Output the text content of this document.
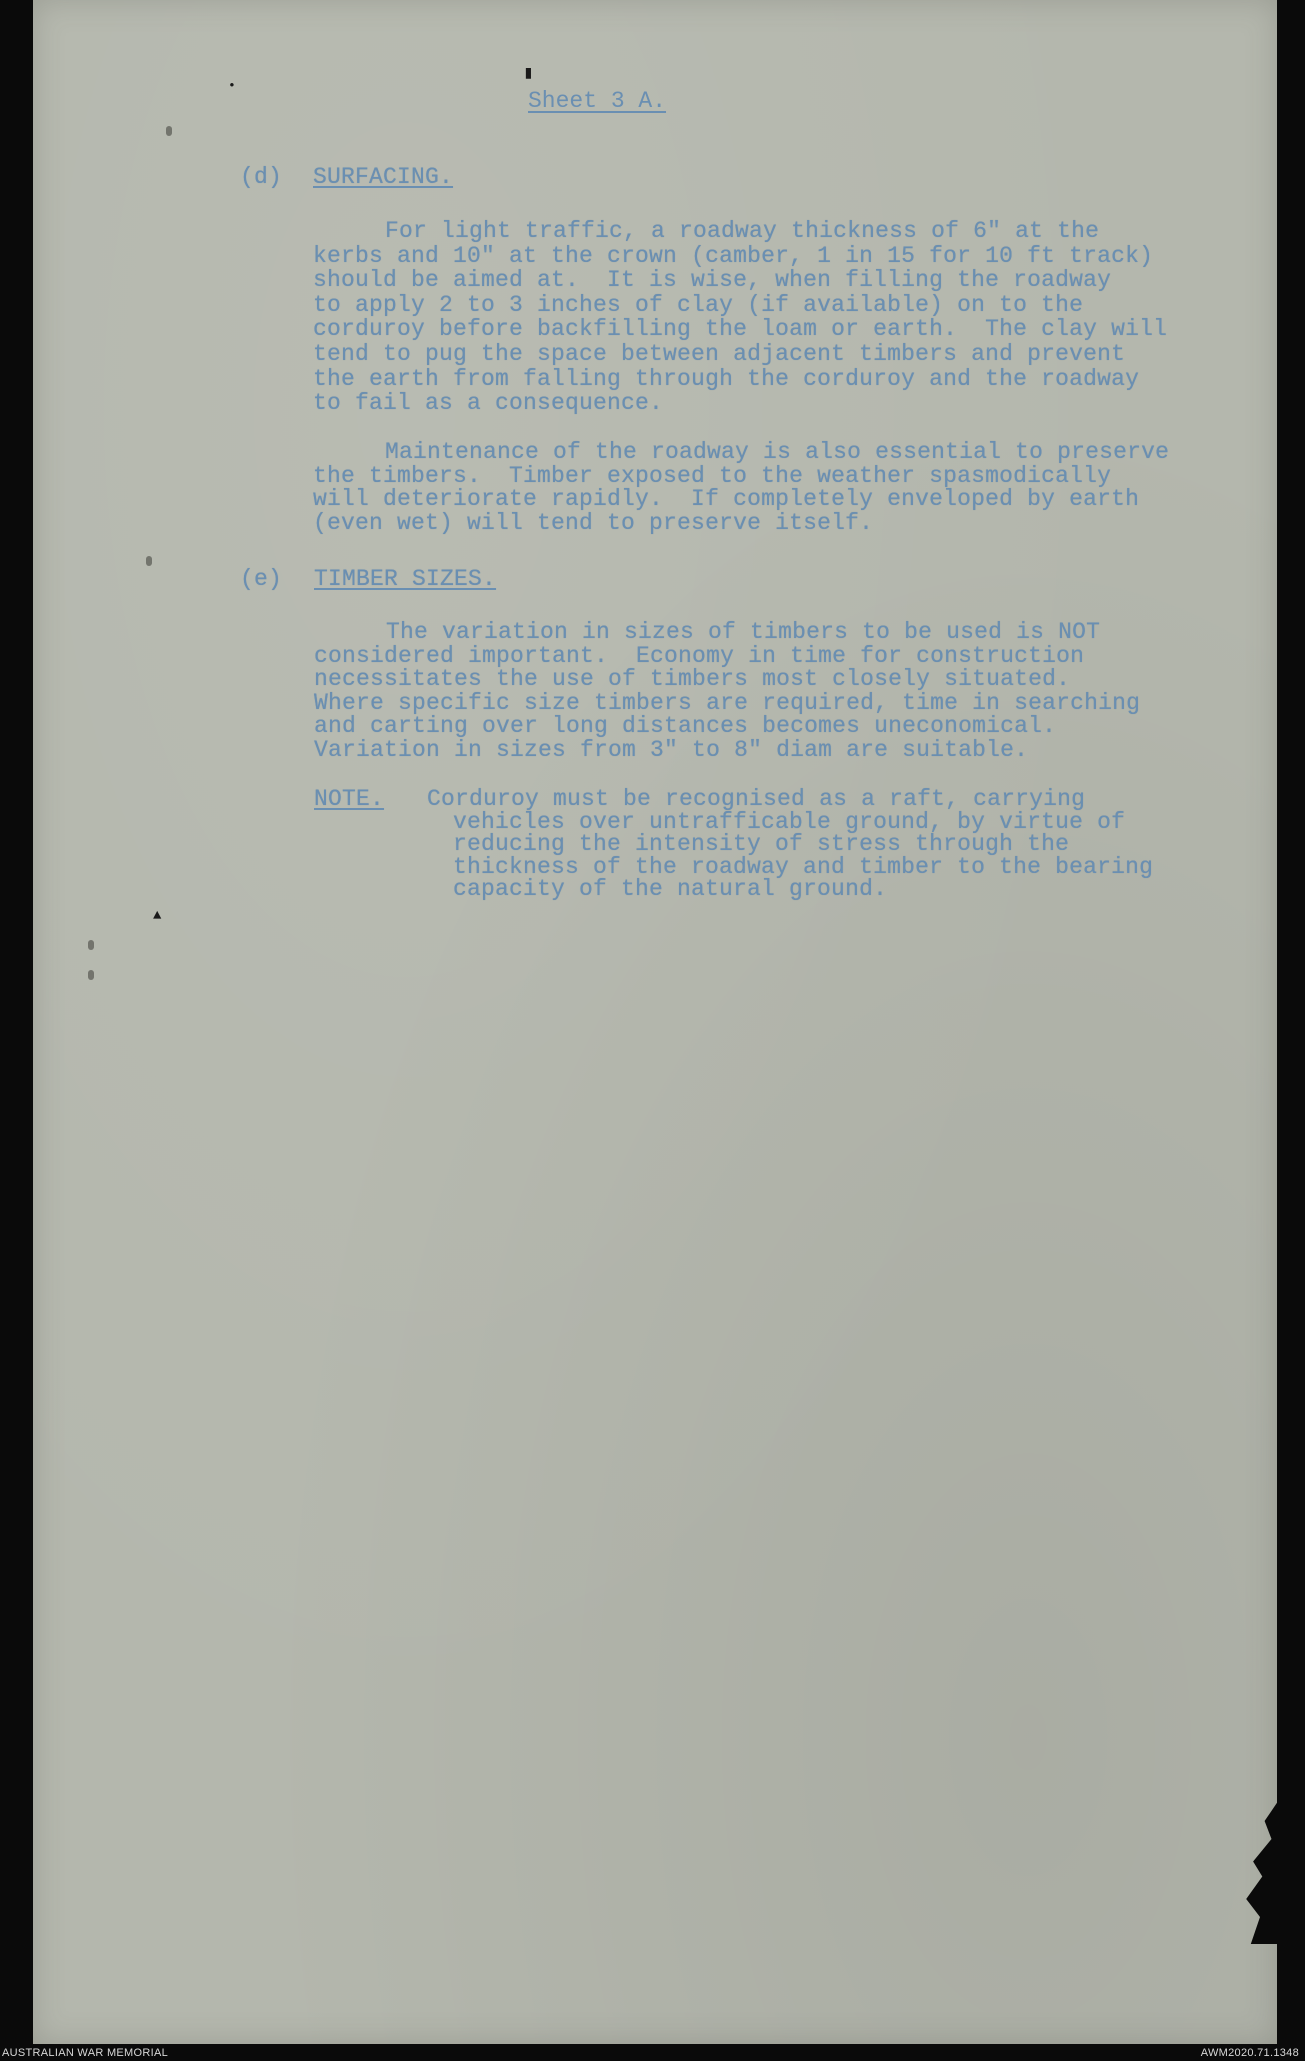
•
▲
▮
Sheet 3 A.
(d) SURFACING.
For light traffic, a roadway thickness of 6" at the
kerbs and 10" at the crown (camber, 1 in 15 for 10 ft track)
should be aimed at.  It is wise, when filling the roadway
to apply 2 to 3 inches of clay (if available) on to the
corduroy before backfilling the loam or earth.  The clay will
tend to pug the space between adjacent timbers and prevent
the earth from falling through the corduroy and the roadway
to fail as a consequence.
Maintenance of the roadway is also essential to preserve
the timbers.  Timber exposed to the weather spasmodically
will deteriorate rapidly.  If completely enveloped by earth
(even wet) will tend to preserve itself.
(e) TIMBER SIZES.
The variation in sizes of timbers to be used is NOT
considered important.  Economy in time for construction
necessitates the use of timbers most closely situated.
Where specific size timbers are required, time in searching
and carting over long distances becomes uneconomical.
Variation in sizes from 3" to 8" diam are suitable.
NOTE. Corduroy must be recognised as a raft, carrying
vehicles over untrafficable ground, by virtue of
reducing the intensity of stress through the
thickness of the roadway and timber to the bearing
capacity of the natural ground.
AUSTRALIAN WAR MEMORIAL	AWM2020.71.1348
